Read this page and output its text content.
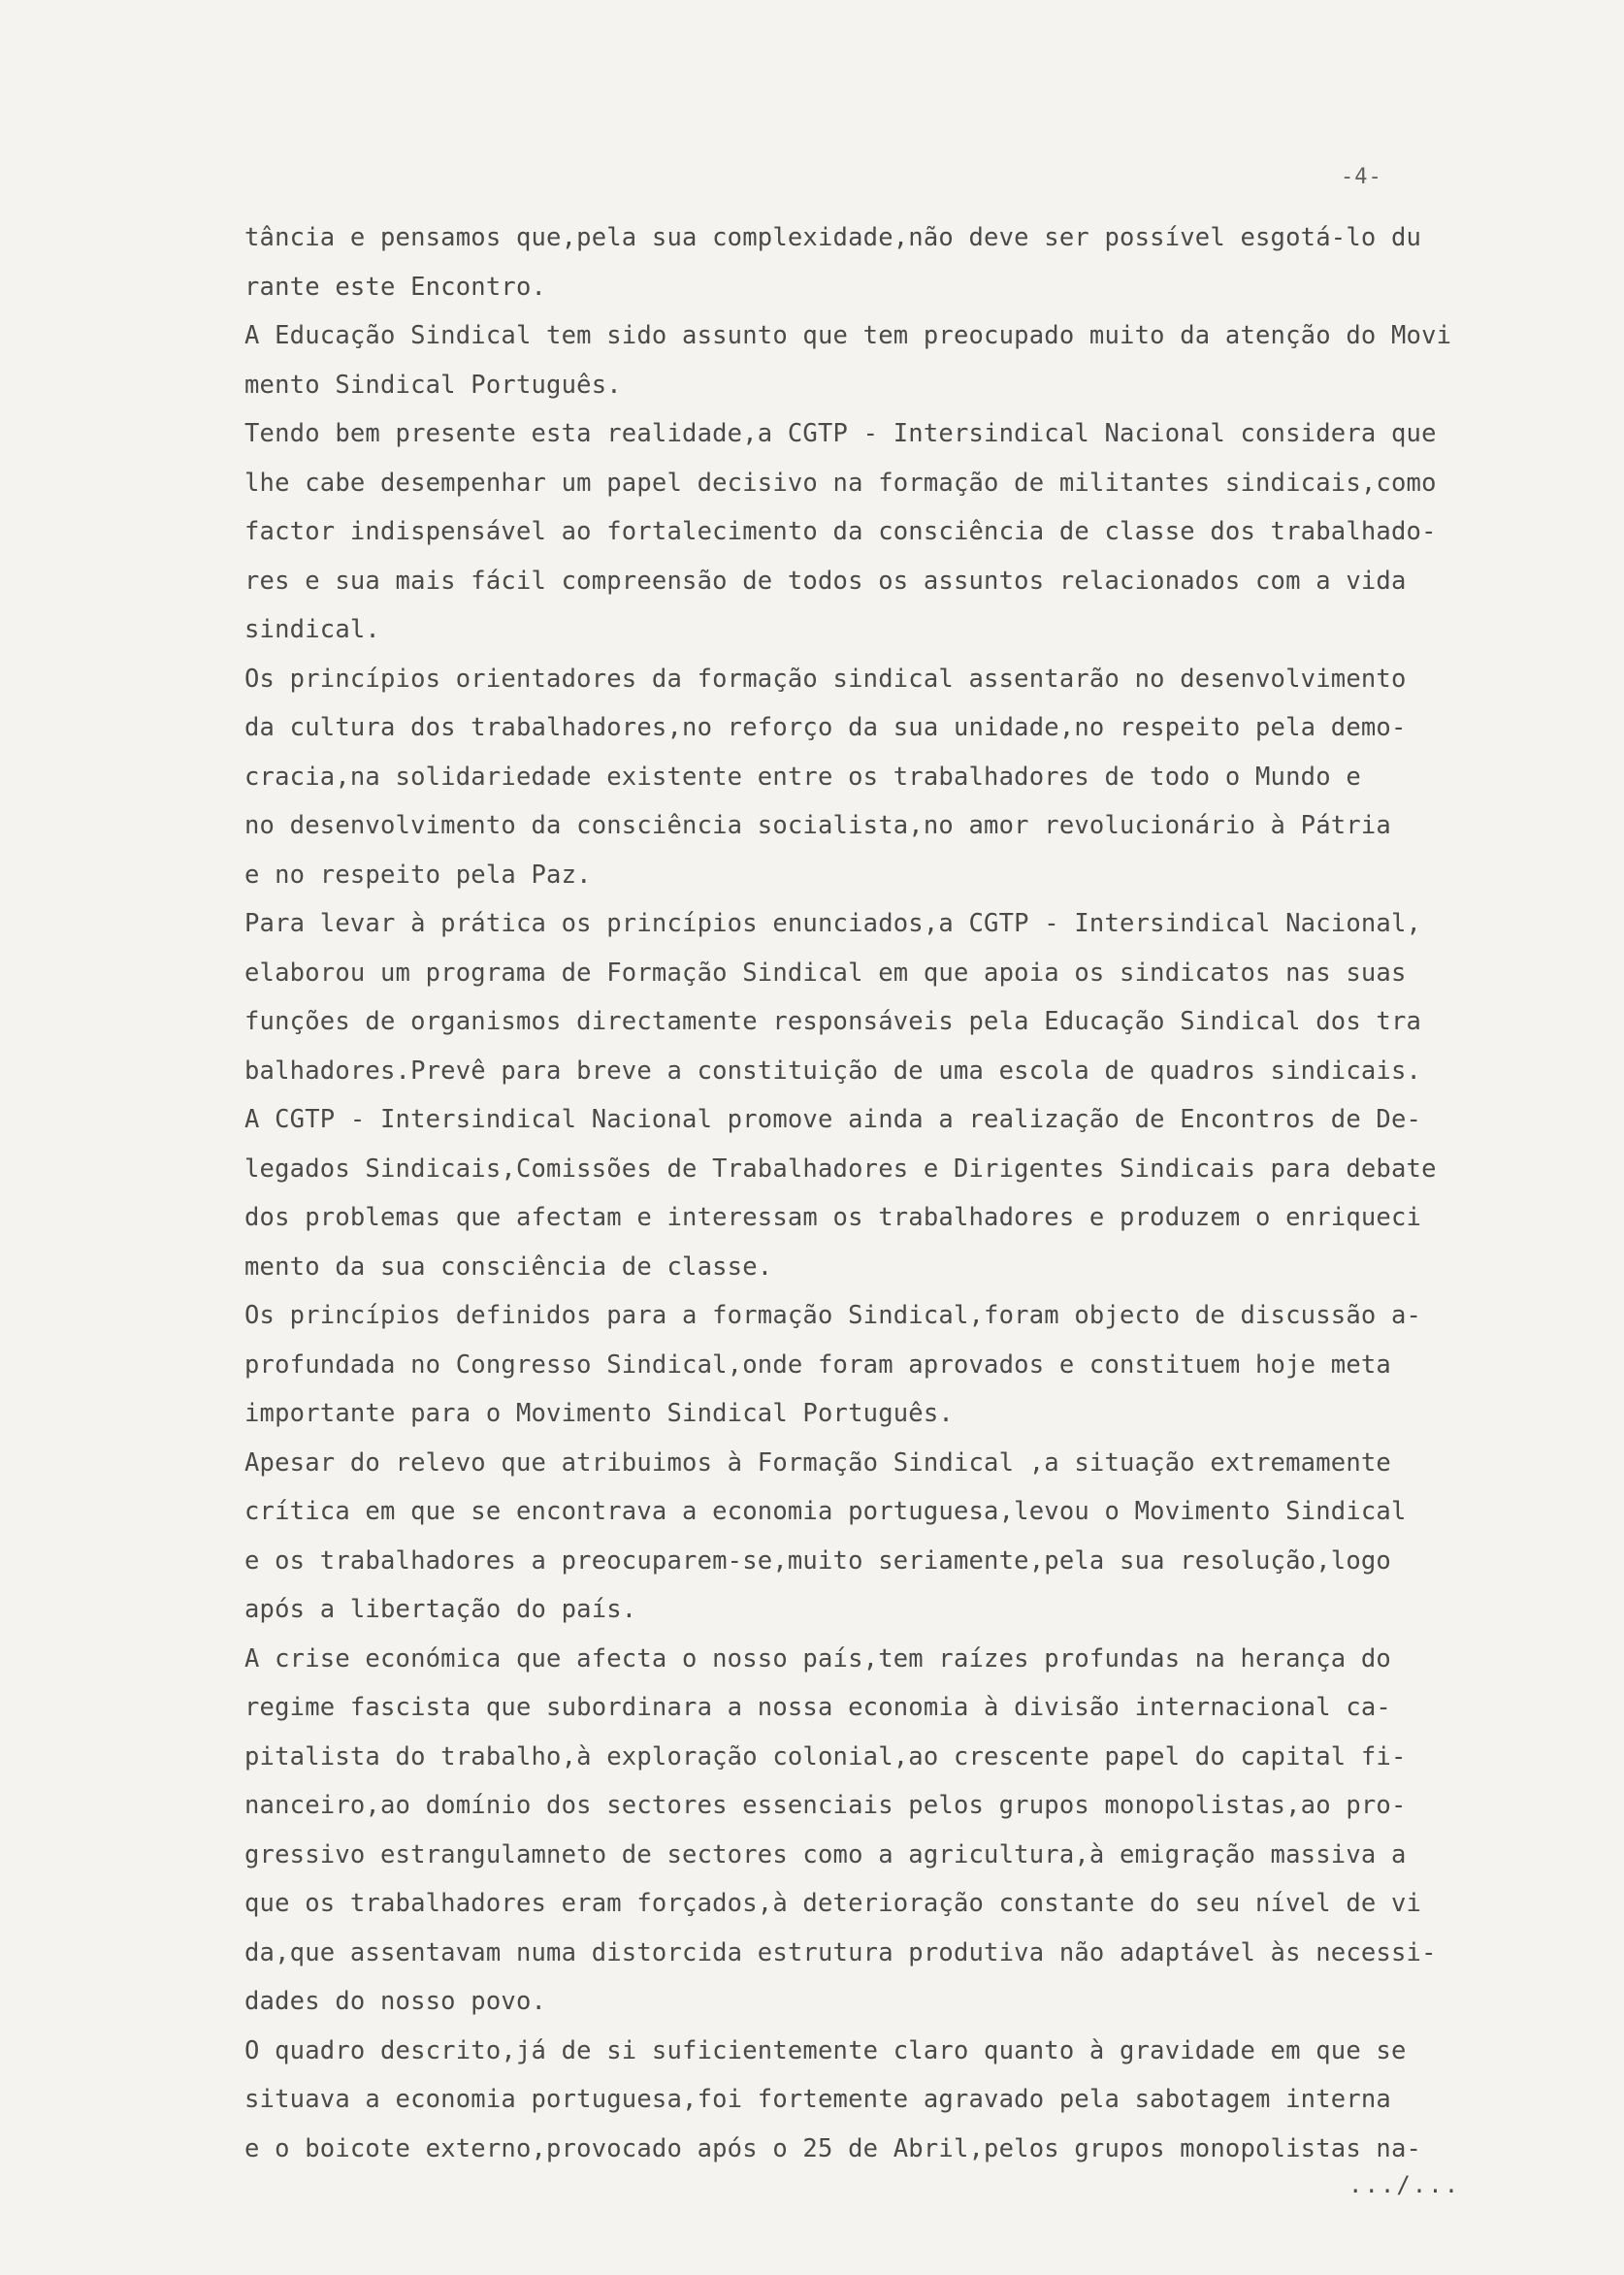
-4-
tância e pensamos que,pela sua complexidade,não deve ser possível esgotá-lo du
rante este Encontro.
A Educação Sindical tem sido assunto que tem preocupado muito da atenção do Movi
mento Sindical Português.
Tendo bem presente esta realidade,a CGTP - Intersindical Nacional considera que
lhe cabe desempenhar um papel decisivo na formação de militantes sindicais,como
factor indispensável ao fortalecimento da consciência de classe dos trabalhado-
res e sua mais fácil compreensão de todos os assuntos relacionados com a vida
sindical.
Os princípios orientadores da formação sindical assentarão no desenvolvimento
da cultura dos trabalhadores,no reforço da sua unidade,no respeito pela demo-
cracia,na solidariedade existente entre os trabalhadores de todo o Mundo e
no desenvolvimento da consciência socialista,no amor revolucionário à Pátria
e no respeito pela Paz.
Para levar à prática os princípios enunciados,a CGTP - Intersindical Nacional,
elaborou um programa de Formação Sindical em que apoia os sindicatos nas suas
funções de organismos directamente responsáveis pela Educação Sindical dos tra
balhadores.Prevê para breve a constituição de uma escola de quadros sindicais.
A CGTP - Intersindical Nacional promove ainda a realização de Encontros de De-
legados Sindicais,Comissões de Trabalhadores e Dirigentes Sindicais para debate
dos problemas que afectam e interessam os trabalhadores e produzem o enriqueci
mento da sua consciência de classe.
Os princípios definidos para a formação Sindical,foram objecto de discussão a-
profundada no Congresso Sindical,onde foram aprovados e constituem hoje meta
importante para o Movimento Sindical Português.
Apesar do relevo que atribuimos à Formação Sindical ,a situação extremamente
crítica em que se encontrava a economia portuguesa,levou o Movimento Sindical
e os trabalhadores a preocuparem-se,muito seriamente,pela sua resolução,logo
após a libertação do país.
A crise económica que afecta o nosso país,tem raízes profundas na herança do
regime fascista que subordinara a nossa economia à divisão internacional ca-
pitalista do trabalho,à exploração colonial,ao crescente papel do capital fi-
nanceiro,ao domínio dos sectores essenciais pelos grupos monopolistas,ao pro-
gressivo estrangulamneto de sectores como a agricultura,à emigração massiva a
que os trabalhadores eram forçados,à deterioração constante do seu nível de vi
da,que assentavam numa distorcida estrutura produtiva não adaptável às necessi-
dades do nosso povo.
O quadro descrito,já de si suficientemente claro quanto à gravidade em que se
situava a economia portuguesa,foi fortemente agravado pela sabotagem interna
e o boicote externo,provocado após o 25 de Abril,pelos grupos monopolistas na-
.../...
